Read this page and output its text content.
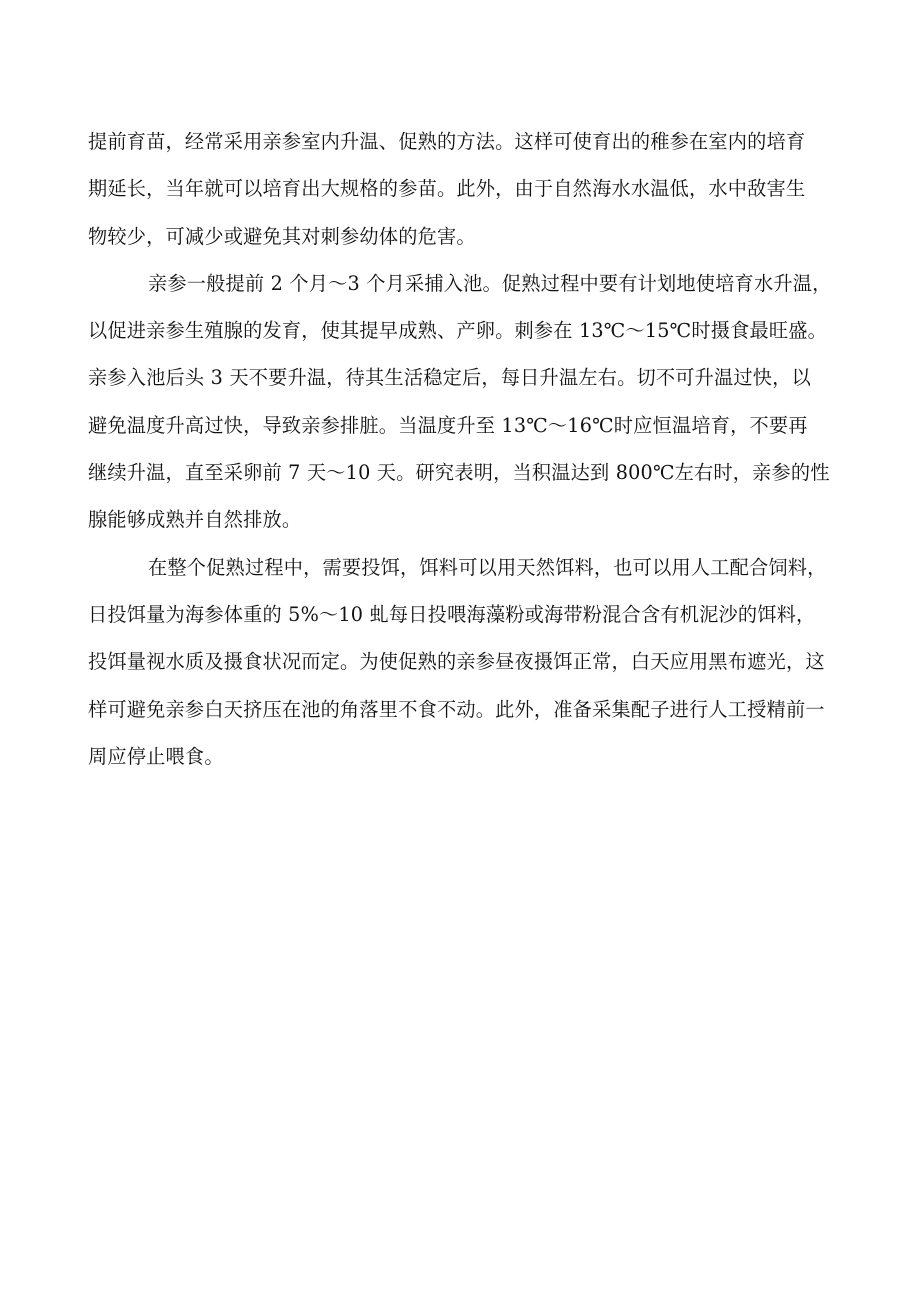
提前育苗，经常采用亲参室内升温、促熟的方法。这样可使育出的稚参在室内的培育
期延长，当年就可以培育出大规格的参苗。此外，由于自然海水水温低，水中敌害生
物较少，可减少或避免其对刺参幼体的危害。

亲参一般提前 2 个月～3 个月采捕入池。促熟过程中要有计划地使培育水升温，
以促进亲参生殖腺的发育，使其提早成熟、产卵。刺参在 13℃～15℃时摄食最旺盛。
亲参入池后头 3 天不要升温，待其生活稳定后，每日升温左右。切不可升温过快，以
避免温度升高过快，导致亲参排脏。当温度升至 13℃～16℃时应恒温培育，不要再
继续升温，直至采卵前 7 天～10 天。研究表明，当积温达到 800℃左右时，亲参的性
腺能够成熟并自然排放。

在整个促熟过程中，需要投饵，饵料可以用天然饵料，也可以用人工配合饲料，
日投饵量为海参体重的 5%～10 虬每日投喂海藻粉或海带粉混合含有机泥沙的饵料，
投饵量视水质及摄食状况而定。为使促熟的亲参昼夜摄饵正常，白天应用黑布遮光，这
样可避免亲参白天挤压在池的角落里不食不动。此外，准备采集配子进行人工授精前一
周应停止喂食。
